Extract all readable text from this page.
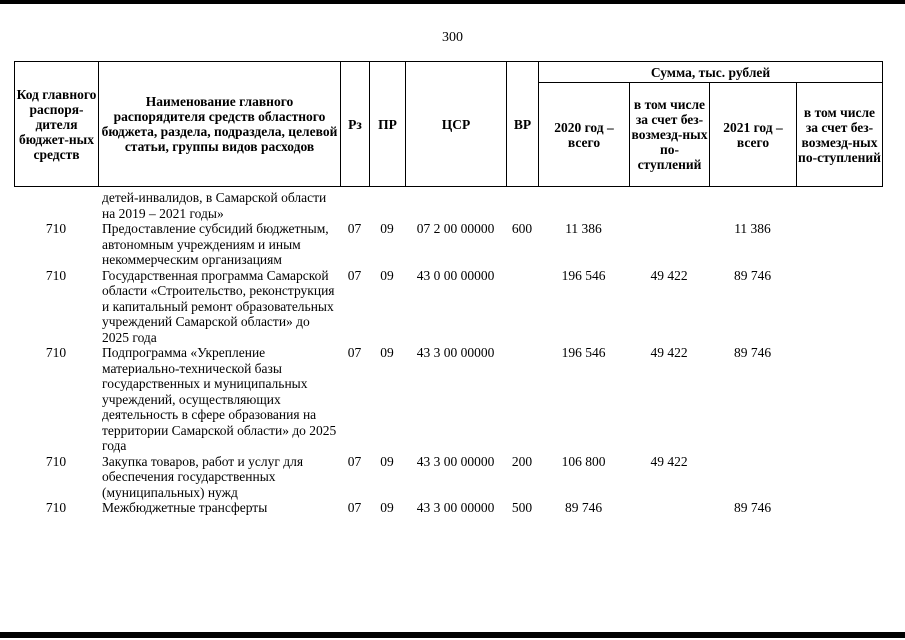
300
Код главного распоря-дителя бюджет-ных средств	Наименование главного распорядителя средств областного бюджета, раздела, подраздела, целевой статьи, группы видов расходов	Рз	ПР	ЦСР	ВР	Сумма, тыс. рублей			
						2020 год – всего	в том числе за счет без-возмезд-ных по-ступлений	2021 год – всего	в том числе за счет без-возмезд-ных по-ступлений
	детей-инвалидов, в Самарской области на 2019 – 2021 годы»								
710	Предоставление субсидий бюджетным, автономным учреждениям и иным некоммерческим организациям	07	09	07 2 00 00000	600	11 386		11 386	
710	Государственная программа Самарской области «Строительство, реконструкция и капитальный ремонт образовательных учреждений Самарской области» до 2025 года	07	09	43 0 00 00000		196 546	49 422	89 746	
710	Подпрограмма «Укрепление материально-технической базы государственных и муниципальных учреждений, осуществляющих деятельность в сфере образования на территории Самарской области» до 2025 года	07	09	43 3 00 00000		196 546	49 422	89 746	
710	Закупка товаров, работ и услуг для обеспечения государственных (муниципальных) нужд	07	09	43 3 00 00000	200	106 800	49 422		
710	Межбюджетные трансферты	07	09	43 3 00 00000	500	89 746		89 746	
